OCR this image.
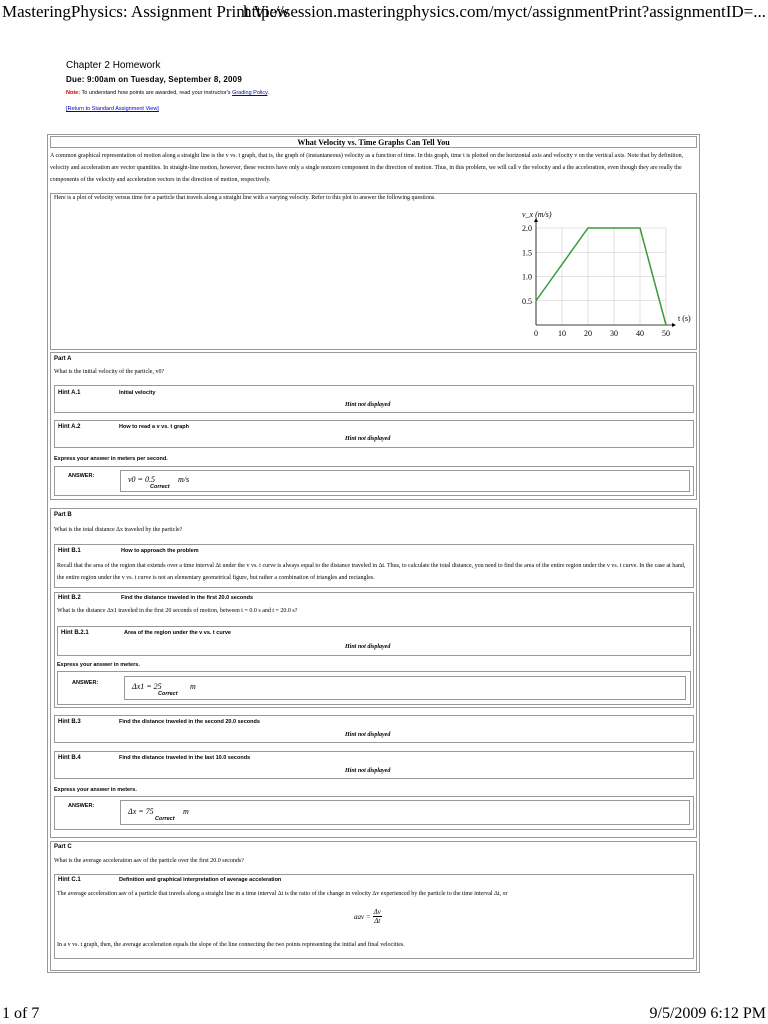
MasteringPhysics: Assignment Print View
http://session.masteringphysics.com/myct/assignmentPrint?assignmentID=...
1 of 7	9/5/2009 6:12 PM
Chapter 2 Homework
Due: 9:00am on Tuesday, September 8, 2009
Note: To understand how points are awarded, read your instructor's Grading Policy.
[Return to Standard Assignment View]
What Velocity vs. Time Graphs Can Tell You
A common graphical representation of motion along a straight line is the v vs. t graph, that is, the graph of (instantaneous) velocity as a function of time. In this graph, time t is plotted on the horizontal axis and velocity v on the vertical axis. Note that by definition, velocity and acceleration are vector quantities. In straight-line motion, however, these vectors have only a single nonzero component in the direction of motion. Thus, in this problem, we will call v the velocity and a the acceleration, even though they are really the components of the velocity and acceleration vectors in the direction of motion, respectively.
Here is a plot of velocity versus time for a particle that travels along a straight line with a varying velocity. Refer to this plot to answer the following questions.
0	10 20 30 40 50
0.5
1.0
1.5
2.0
v_x (m/s)
t (s)
Part A
What is the initial velocity of the particle, v0?
Hint A.1	Initial velocity
Hint not displayed
Hint A.2	How to read a v vs. t graph
Hint not displayed
Express your answer in meters per second.
ANSWER:	v0 = 0.5	m/s
Correct
Part B
What is the total distance Δx traveled by the particle?
Hint B.1	How to approach the problem
Recall that the area of the region that extends over a time interval Δt under the v vs. t curve is always equal to the distance traveled in Δt. Thus, to calculate the total distance, you need to find the area of the entire region under the v vs. t curve. In the case at hand, the entire region under the v vs. t curve is not an elementary geometrical figure, but rather a combination of triangles and rectangles.
Hint B.2	Find the distance traveled in the first 20.0 seconds
What is the distance Δx1 traveled in the first 20 seconds of motion, between t = 0.0 s and t = 20.0 s?
Hint B.2.1	Area of the region under the v vs. t curve
Hint not displayed
Express your answer in meters.
ANSWER:	Δx1 = 25	m
Correct
Hint B.3	Find the distance traveled in the second 20.0 seconds
Hint not displayed
Hint B.4	Find the distance traveled in the last 10.0 seconds
Hint not displayed
Express your answer in meters.
ANSWER:
Δx = 75	m
Correct
Part C
What is the average acceleration aav of the particle over the first 20.0 seconds?
Hint C.1	Definition and graphical interpretation of average acceleration
The average acceleration aav of a particle that travels along a straight line in a time interval Δt is the ratio of the change in velocity Δv experienced by the particle to the time interval Δt, or
aav = $\frac{\Delta v}{\Delta t}$
In a v vs. t graph, then, the average acceleration equals the slope of the line connecting the two points representing the initial and final velocities.
